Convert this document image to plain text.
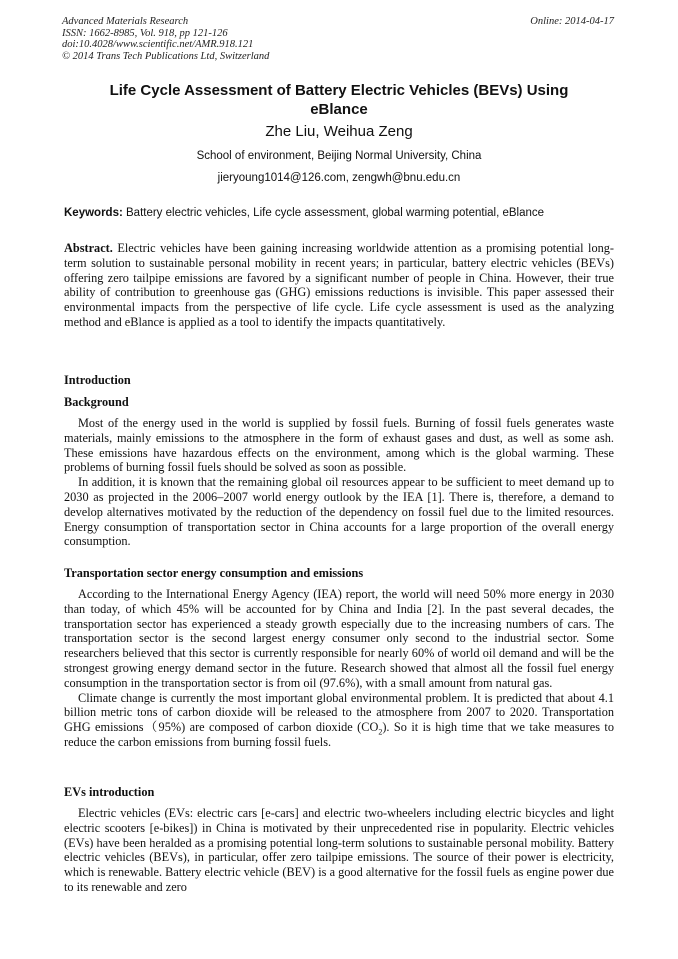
Advanced Materials Research
ISSN: 1662-8985, Vol. 918, pp 121-126
doi:10.4028/www.scientific.net/AMR.918.121
© 2014 Trans Tech Publications Ltd, Switzerland
Online: 2014-04-17
Life Cycle Assessment of Battery Electric Vehicles (BEVs) Using eBlance
Zhe Liu, Weihua Zeng
School of environment, Beijing Normal University, China
jieryoung1014@126.com, zengwh@bnu.edu.cn
Keywords: Battery electric vehicles, Life cycle assessment, global warming potential, eBlance

Abstract. Electric vehicles have been gaining increasing worldwide attention as a promising potential long-term solution to sustainable personal mobility in recent years; in particular, battery electric vehicles (BEVs) offering zero tailpipe emissions are favored by a significant number of people in China. However, their true ability of contribution to greenhouse gas (GHG) emissions reductions is invisible. This paper assessed their environmental impacts from the perspective of life cycle. Life cycle assessment is used as the analyzing method and eBlance is applied as a tool to identify the impacts quantitatively.

Introduction
Background

Most of the energy used in the world is supplied by fossil fuels. Burning of fossil fuels generates waste materials, mainly emissions to the atmosphere in the form of exhaust gases and dust, as well as some ash. These emissions have hazardous effects on the environment, among which is the global warming. These problems of burning fossil fuels should be solved as soon as possible.

In addition, it is known that the remaining global oil resources appear to be sufficient to meet demand up to 2030 as projected in the 2006–2007 world energy outlook by the IEA [1]. There is, therefore, a demand to develop alternatives motivated by the reduction of the dependency on fossil fuel due to the limited resources. Energy consumption of transportation sector in China accounts for a large proportion of the overall energy consumption.

Transportation sector energy consumption and emissions

According to the International Energy Agency (IEA) report, the world will need 50% more energy in 2030 than today, of which 45% will be accounted for by China and India [2]. In the past several decades, the transportation sector has experienced a steady growth especially due to the increasing numbers of cars. The transportation sector is the second largest energy consumer only second to the industrial sector. Some researchers believed that this sector is currently responsible for nearly 60% of world oil demand and will be the strongest growing energy demand sector in the future. Research showed that almost all the fossil fuel energy consumption in the transportation sector is from oil (97.6%), with a small amount from natural gas.

Climate change is currently the most important global environmental problem. It is predicted that about 4.1 billion metric tons of carbon dioxide will be released to the atmosphere from 2007 to 2020. Transportation GHG emissions（95%) are composed of carbon dioxide $(CO_2)$. So it is high time that we take measures to reduce the carbon emissions from burning fossil fuels.

EVs introduction

Electric vehicles (EVs: electric cars [e-cars] and electric two-wheelers including electric bicycles and light electric scooters [e-bikes]) in China is motivated by their unprecedented rise in popularity. Electric vehicles (EVs) have been heralded as a promising potential long-term solutions to sustainable personal mobility. Battery electric vehicles (BEVs), in particular, offer zero tailpipe emissions. The source of their power is electricity, which is renewable. Battery electric vehicle (BEV) is a good alternative for the fossil fuels as engine power due to its renewable and zero
